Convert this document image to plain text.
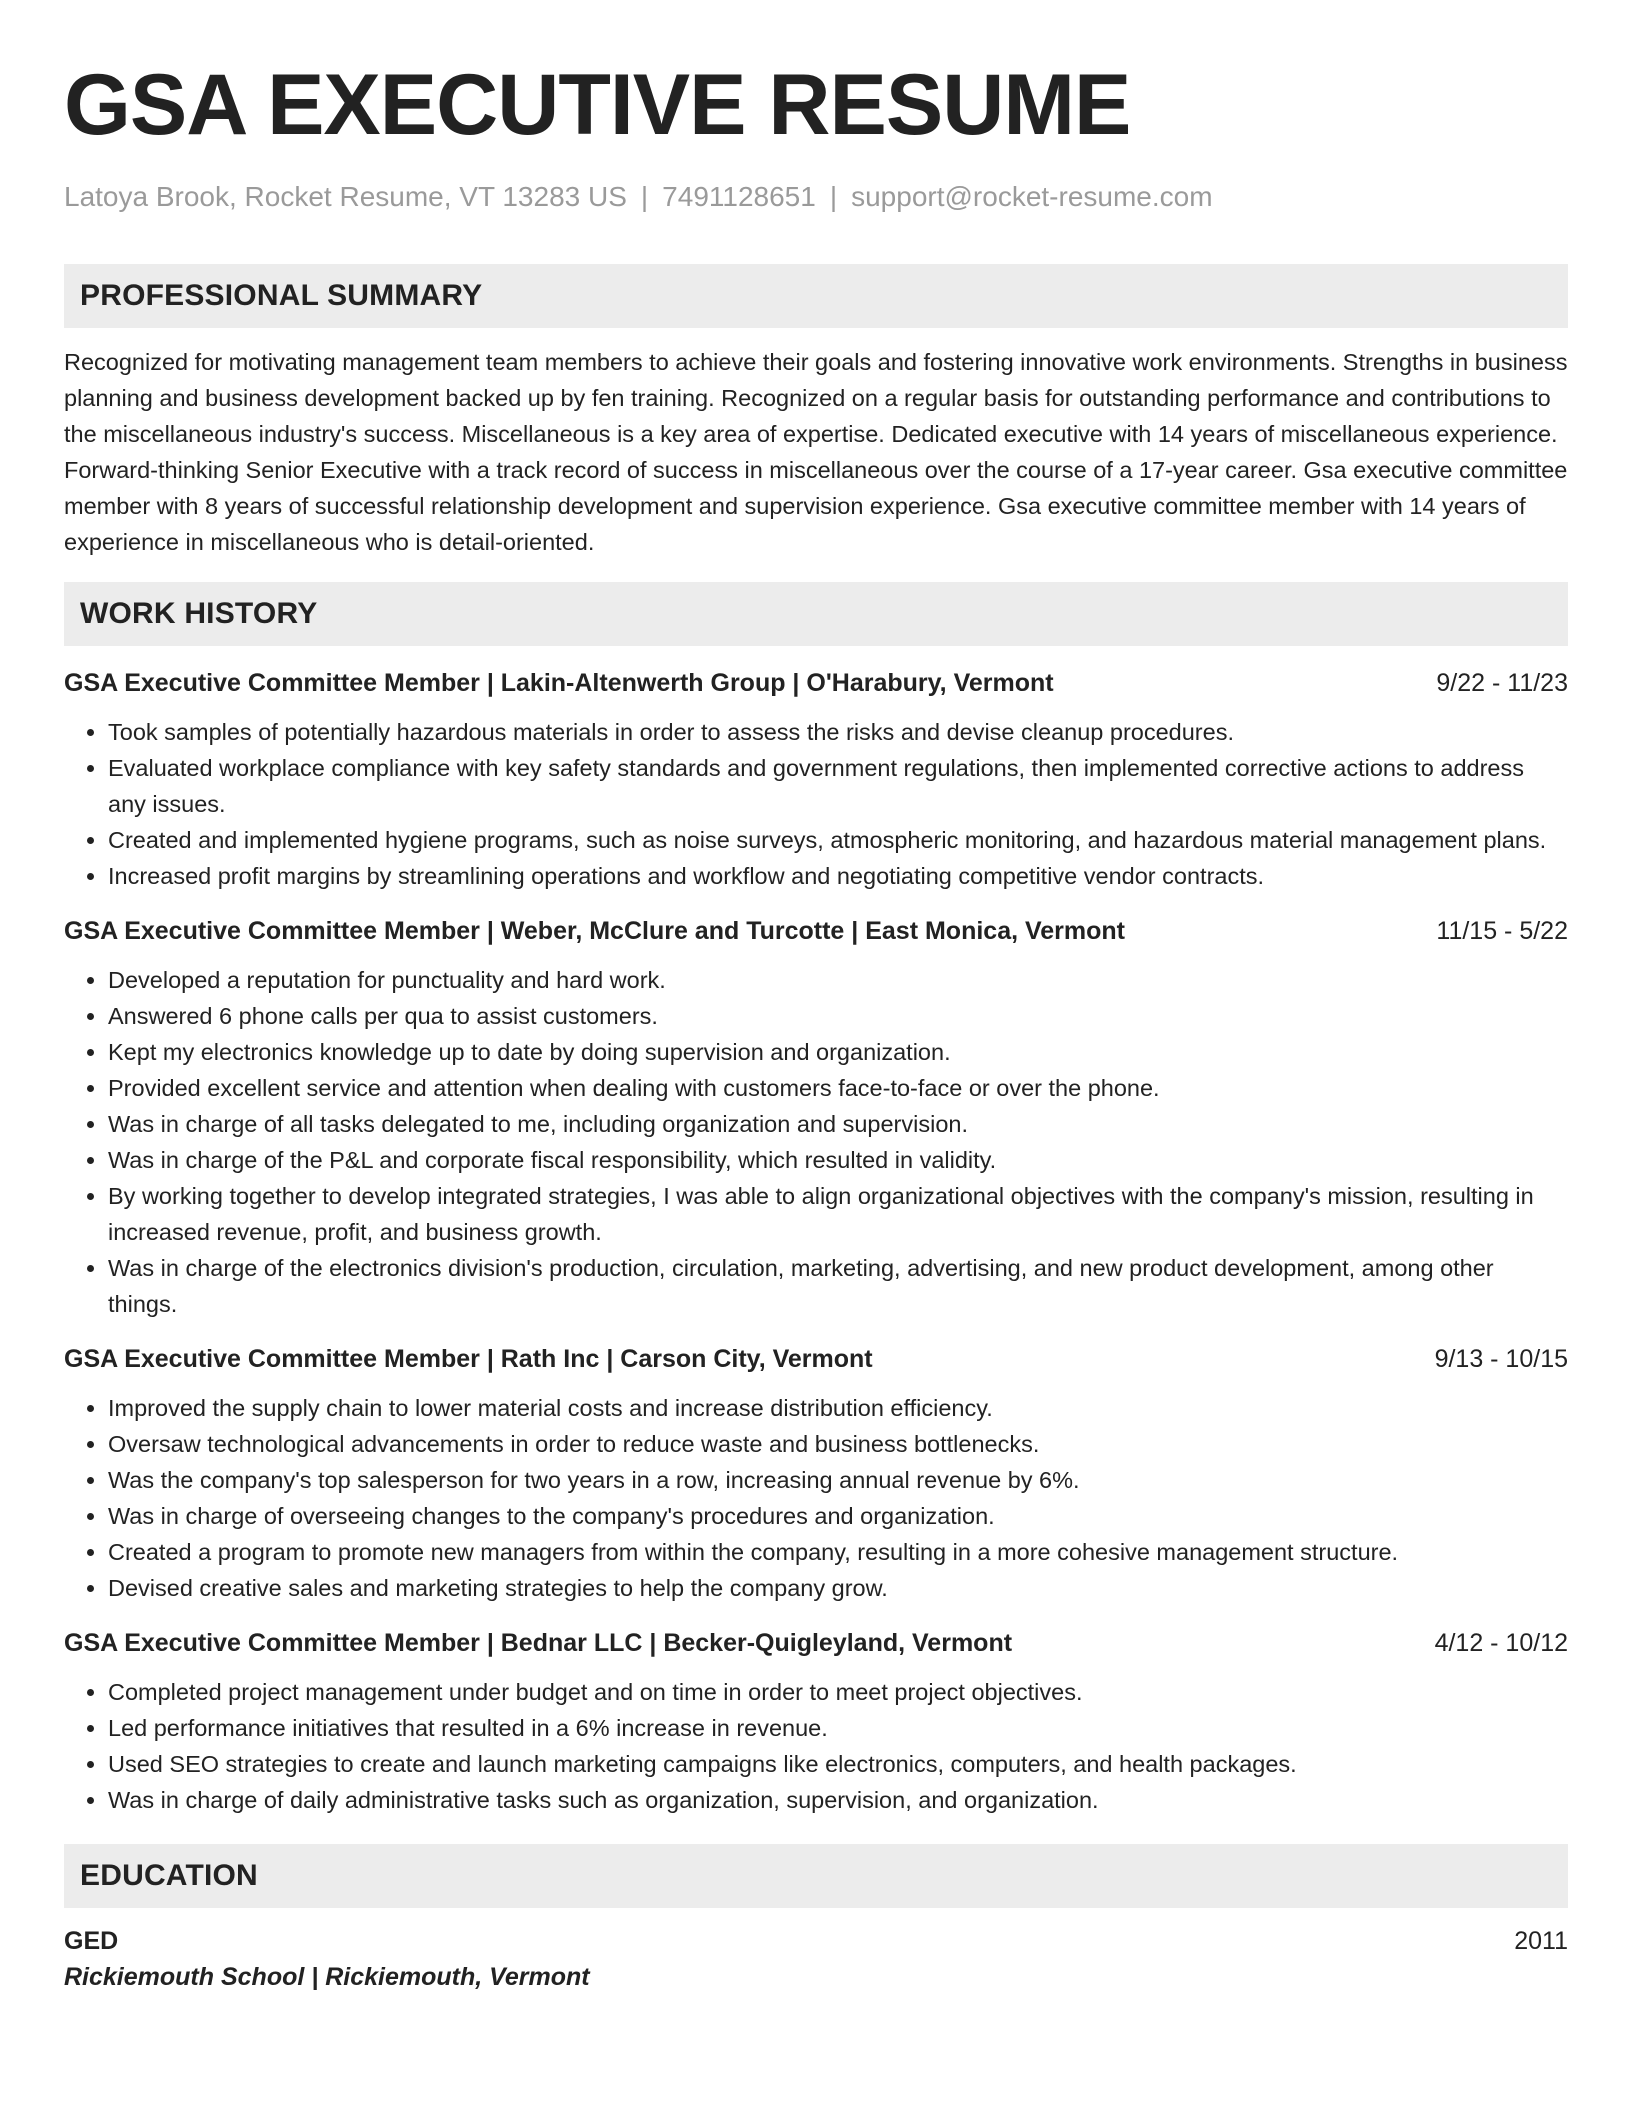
GSA EXECUTIVE RESUME
Latoya Brook, Rocket Resume, VT 13283 US | 7491128651 | support@rocket-resume.com
PROFESSIONAL SUMMARY
Recognized for motivating management team members to achieve their goals and fostering innovative work environments. Strengths in business planning and business development backed up by fen training. Recognized on a regular basis for outstanding performance and contributions to the miscellaneous industry's success. Miscellaneous is a key area of expertise. Dedicated executive with 14 years of miscellaneous experience. Forward-thinking Senior Executive with a track record of success in miscellaneous over the course of a 17-year career. Gsa executive committee member with 8 years of successful relationship development and supervision experience. Gsa executive committee member with 14 years of experience in miscellaneous who is detail-oriented.
WORK HISTORY
GSA Executive Committee Member | Lakin-Altenwerth Group | O'Harabury, Vermont	9/22 - 11/23
• Took samples of potentially hazardous materials in order to assess the risks and devise cleanup procedures.
• Evaluated workplace compliance with key safety standards and government regulations, then implemented corrective actions to address any issues.
• Created and implemented hygiene programs, such as noise surveys, atmospheric monitoring, and hazardous material management plans.
• Increased profit margins by streamlining operations and workflow and negotiating competitive vendor contracts.
GSA Executive Committee Member | Weber, McClure and Turcotte | East Monica, Vermont	11/15 - 5/22
• Developed a reputation for punctuality and hard work.
• Answered 6 phone calls per qua to assist customers.
• Kept my electronics knowledge up to date by doing supervision and organization.
• Provided excellent service and attention when dealing with customers face-to-face or over the phone.
• Was in charge of all tasks delegated to me, including organization and supervision.
• Was in charge of the P&L and corporate fiscal responsibility, which resulted in validity.
• By working together to develop integrated strategies, I was able to align organizational objectives with the company's mission, resulting in increased revenue, profit, and business growth.
• Was in charge of the electronics division's production, circulation, marketing, advertising, and new product development, among other things.
GSA Executive Committee Member | Rath Inc | Carson City, Vermont	9/13 - 10/15
• Improved the supply chain to lower material costs and increase distribution efficiency.
• Oversaw technological advancements in order to reduce waste and business bottlenecks.
• Was the company's top salesperson for two years in a row, increasing annual revenue by 6%.
• Was in charge of overseeing changes to the company's procedures and organization.
• Created a program to promote new managers from within the company, resulting in a more cohesive management structure.
• Devised creative sales and marketing strategies to help the company grow.
GSA Executive Committee Member | Bednar LLC | Becker-Quigleyland, Vermont	4/12 - 10/12
• Completed project management under budget and on time in order to meet project objectives.
• Led performance initiatives that resulted in a 6% increase in revenue.
• Used SEO strategies to create and launch marketing campaigns like electronics, computers, and health packages.
• Was in charge of daily administrative tasks such as organization, supervision, and organization.
EDUCATION
GED	2011
Rickiemouth School | Rickiemouth, Vermont
